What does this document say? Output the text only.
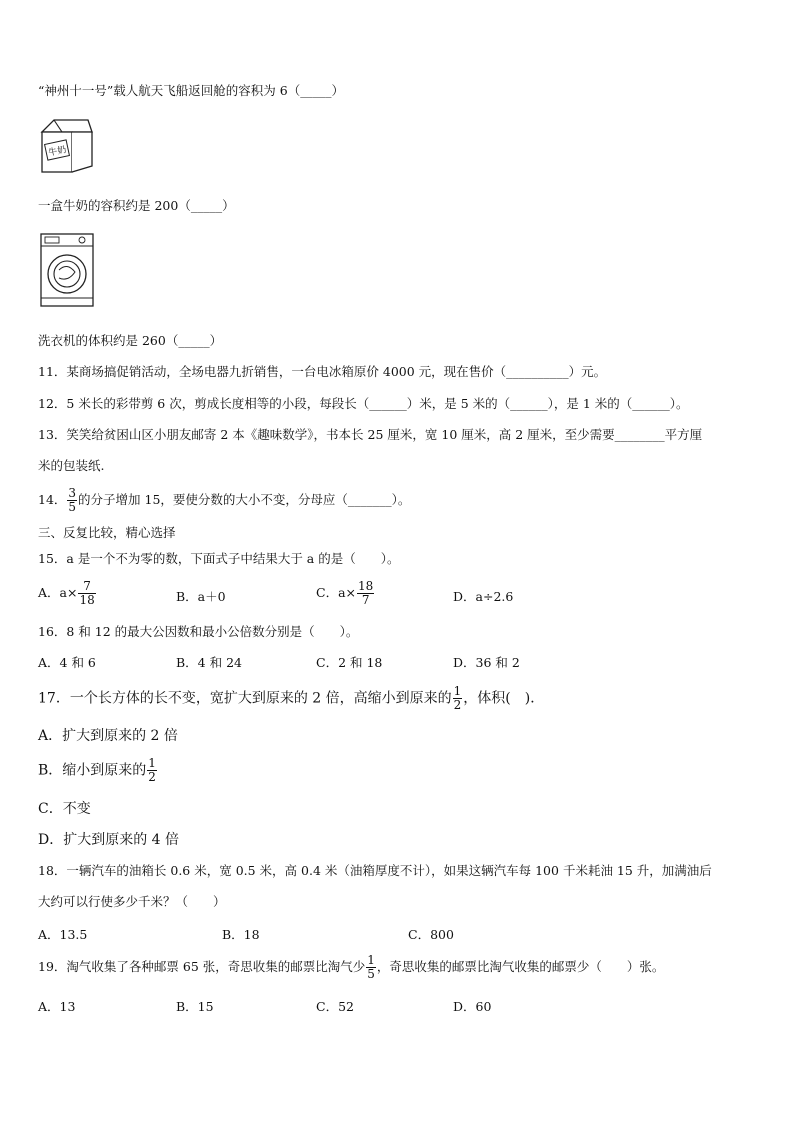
“神州十一号”载人航天飞船返回舱的容积为 6（_____）
牛奶
一盒牛奶的容积约是 200（_____）
洗衣机的体积约是 260（_____）
11．某商场搞促销活动，全场电器九折销售，一台电冰箱原价 4000 元，现在售价（__________）元。
12．5 米长的彩带剪 6 次，剪成长度相等的小段，每段长（______）米，是 5 米的（______），是 1 米的（______）。
13．笑笑给贫困山区小朋友邮寄 2 本《趣味数学》，书本长 25 厘米，宽 10 厘米，高 2 厘米，至少需要________平方厘
米的包装纸.
14． $\frac{3}{5}$ 的分子增加 15，要使分数的大小不变，分母应（_______）。
三、反复比较，精心选择
15．a 是一个不为零的数，下面式子中结果大于 a 的是（　　）。
A．$a\times \frac{7}{18}$	B．a＋0	C．$a\times \frac{18}{7}$	D．a÷2.6
16．8 和 12 的最大公因数和最小公倍数分别是（　　）。
A．4 和 6	B．4 和 24	C．2 和 18	D．36 和 2
17．一个长方体的长不变，宽扩大到原来的 2 倍，高缩小到原来的 $\frac{1}{2}$ ，体积(　)．
A．扩大到原来的 2 倍
B．缩小到原来的 $\frac{1}{2}$
C．不变
D．扩大到原来的 4 倍
18．一辆汽车的油箱长 0.6 米，宽 0.5 米，高 0.4 米（油箱厚度不计），如果这辆汽车每 100 千米耗油 15 升，加满油后
大约可以行使多少千米？（　　）
A．13.5	B．18	C．800
19．淘气收集了各种邮票 65 张，奇思收集的邮票比淘气少 $\frac{1}{5}$ ，奇思收集的邮票比淘气收集的邮票少（　　）张。
A．13	B．15	C．52	D．60
